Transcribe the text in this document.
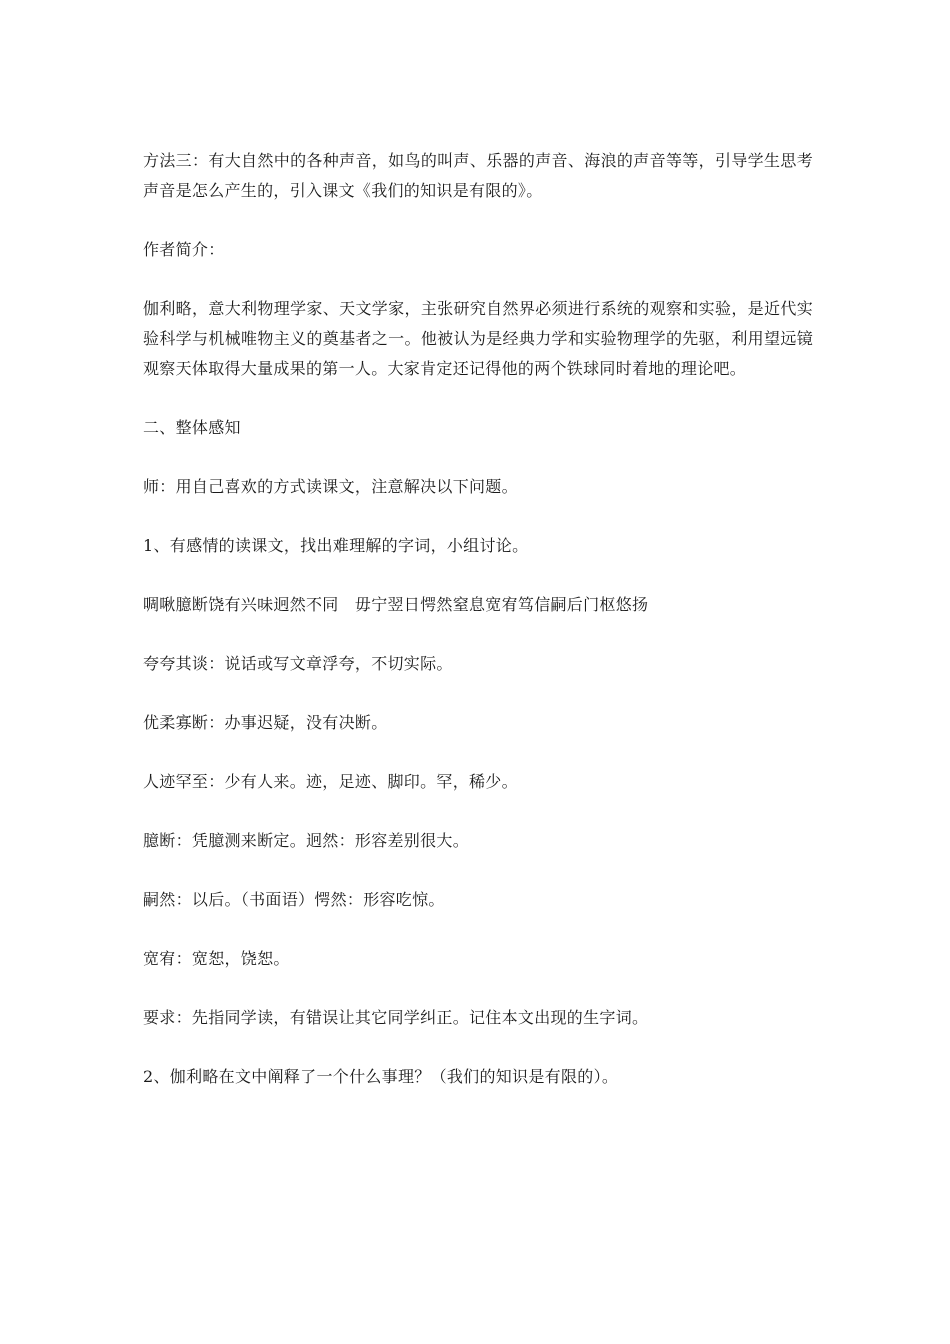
方法三：有大自然中的各种声音，如鸟的叫声、乐器的声音、海浪的声音等等，引导学生思考声音是怎么产生的，引入课文《我们的知识是有限的》。

作者简介：

伽利略，意大利物理学家、天文学家，主张研究自然界必须进行系统的观察和实验，是近代实验科学与机械唯物主义的奠基者之一。他被认为是经典力学和实验物理学的先驱，利用望远镜观察天体取得大量成果的第一人。大家肯定还记得他的两个铁球同时着地的理论吧。

二、整体感知

师：用自己喜欢的方式读课文，注意解决以下问题。

1、有感情的读课文，找出难理解的字词，小组讨论。

啁啾臆断饶有兴味迥然不同　毋宁翌日愕然窒息宽宥笃信嗣后门枢悠扬

夸夸其谈：说话或写文章浮夸，不切实际。

优柔寡断：办事迟疑，没有决断。

人迹罕至：少有人来。迹，足迹、脚印。罕，稀少。

臆断：凭臆测来断定。迥然：形容差别很大。

嗣然：以后。（书面语）愕然：形容吃惊。

宽宥：宽恕，饶恕。

要求：先指同学读，有错误让其它同学纠正。记住本文出现的生字词。

2、伽利略在文中阐释了一个什么事理？（我们的知识是有限的）。
